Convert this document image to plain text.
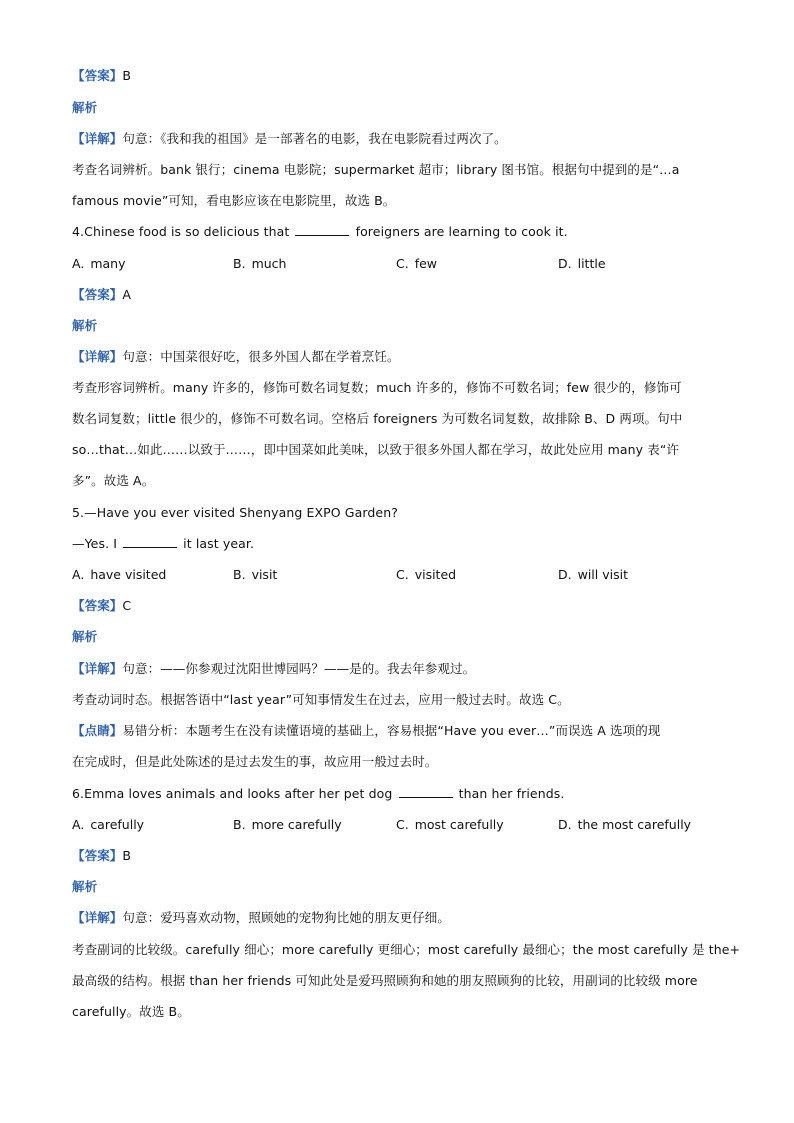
【答案】B
解析
【详解】句意：《我和我的祖国》是一部著名的电影，我在电影院看过两次了。
考查名词辨析。bank 银行；cinema 电影院；supermarket 超市；library 图书馆。根据句中提到的是“…a
famous movie”可知，看电影应该在电影院里，故选 B。
4.Chinese food is so delicious that	foreigners are learning to cook it.
A. many	B. much	C. few	D. little
【答案】A
解析
【详解】句意：中国菜很好吃，很多外国人都在学着烹饪。
考查形容词辨析。many 许多的，修饰可数名词复数；much 许多的，修饰不可数名词；few 很少的，修饰可
数名词复数；little 很少的，修饰不可数名词。空格后 foreigners 为可数名词复数，故排除 B、D 两项。句中
so…that…如此……以致于……，即中国菜如此美味，以致于很多外国人都在学习，故此处应用 many 表“许
多”。故选 A。
5.—Have you ever visited Shenyang EXPO Garden?
—Yes. I	it last year.
A. have visited	B. visit	C. visited	D. will visit
【答案】C
解析
【详解】句意：——你参观过沈阳世博园吗？——是的。我去年参观过。
考查动词时态。根据答语中“last year”可知事情发生在过去，应用一般过去时。故选 C。
【点睛】易错分析：本题考生在没有读懂语境的基础上，容易根据“Have you ever…”而误选 A 选项的现
在完成时，但是此处陈述的是过去发生的事，故应用一般过去时。
6.Emma loves animals and looks after her pet dog	than her friends.
A. carefully	B. more carefully	C. most carefully	D. the most carefully
【答案】B
解析
【详解】句意：爱玛喜欢动物，照顾她的宠物狗比她的朋友更仔细。
考查副词的比较级。carefully 细心；more carefully 更细心；most carefully 最细心；the most carefully 是 the+
最高级的结构。根据 than her friends 可知此处是爱玛照顾狗和她的朋友照顾狗的比较，用副词的比较级 more
carefully。故选 B。
